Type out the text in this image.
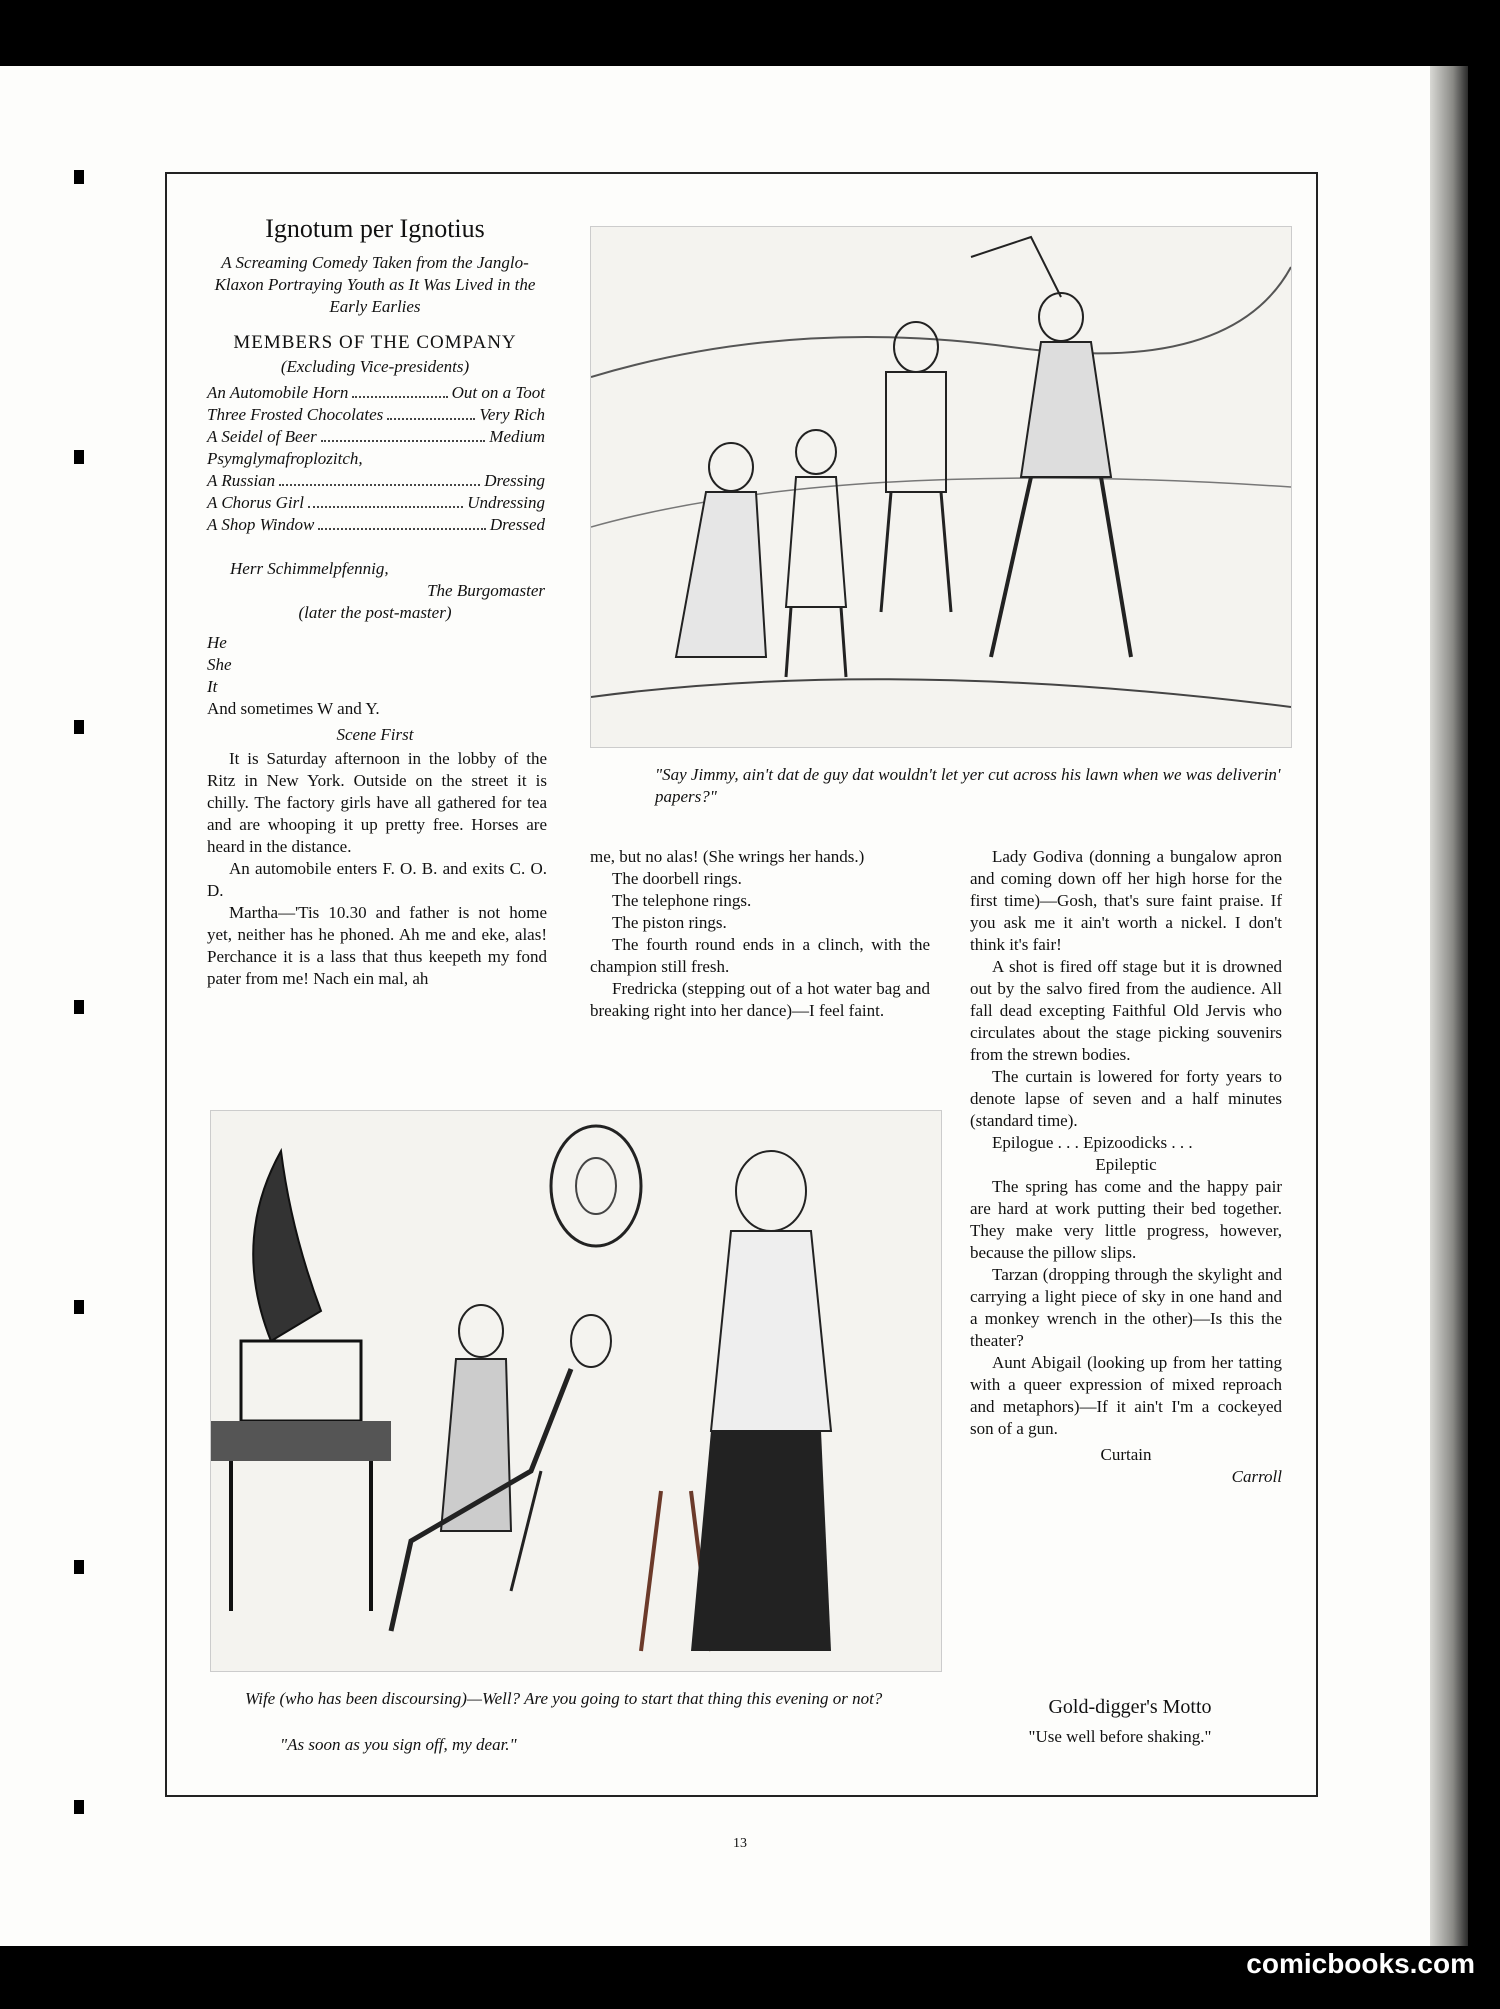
Ignotum per Ignotius
A Screaming Comedy Taken from the Janglo-Klaxon Portraying Youth as It Was Lived in the Early Earlies
MEMBERS OF THE COMPANY
(Excluding Vice-presidents)
An Automobile Horn	Out on a Toot
Three Frosted Chocolates	Very Rich
A Seidel of Beer	Medium
Psymglymafroplozitch,
A Russian	Dressing
A Chorus Girl	Undressing
A Shop Window	Dressed
Herr Schimmelpfennig,
The Burgomaster
(later the post-master)
He
She
It
And sometimes W and Y.
Scene First

It is Saturday afternoon in the lobby of the Ritz in New York. Outside on the street it is chilly. The factory girls have all gathered for tea and are whooping it up pretty free. Horses are heard in the distance.

An automobile enters F. O. B. and exits C. O. D.

Martha—'Tis 10.30 and father is not home yet, neither has he phoned. Ah me and eke, alas! Perchance it is a lass that thus keepeth my fond pater from me! Nach ein mal, ah

"Say Jimmy, ain't dat de guy dat wouldn't let yer cut across his lawn when we was deliverin' papers?"

me, but no alas! (She wrings her hands.)

The doorbell rings.

The telephone rings.

The piston rings.

The fourth round ends in a clinch, with the champion still fresh.

Fredricka (stepping out of a hot water bag and breaking right into her dance)—I feel faint.

Lady Godiva (donning a bungalow apron and coming down off her high horse for the first time)—Gosh, that's sure faint praise. If you ask me it ain't worth a nickel. I don't think it's fair!

A shot is fired off stage but it is drowned out by the salvo fired from the audience. All fall dead excepting Faithful Old Jervis who circulates about the stage picking souvenirs from the strewn bodies.

The curtain is lowered for forty years to denote lapse of seven and a half minutes (standard time).

Epilogue . . . Epizoodicks . . .

Epileptic

The spring has come and the happy pair are hard at work putting their bed together. They make very little progress, however, because the pillow slips.

Tarzan (dropping through the skylight and carrying a light piece of sky in one hand and a monkey wrench in the other)—Is this the theater?

Aunt Abigail (looking up from her tatting with a queer expression of mixed reproach and metaphors)—If it ain't I'm a cockeyed son of a gun.

Curtain

Carroll

Gold-digger's Motto
"Use well before shaking."
Wife (who has been discoursing)—Well? Are you going to start that thing this evening or not?
"As soon as you sign off, my dear."
13
comicbooks.com
